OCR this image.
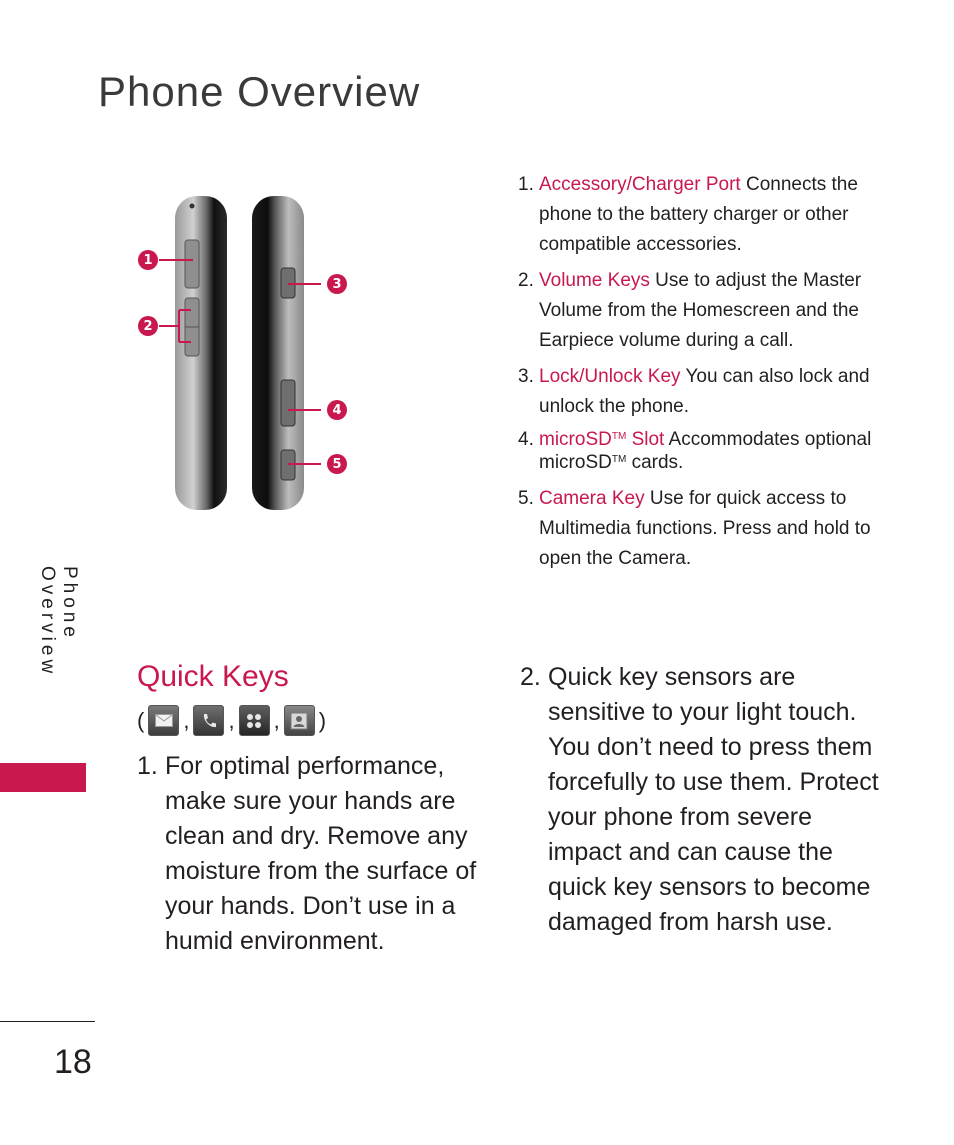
Phone Overview
1
2
3
4
5
1. Accessory/Charger Port Connects the phone to the battery charger or other compatible accessories.
2. Volume Keys Use to adjust the Master Volume from the Homescreen and the Earpiece volume during a call.
3. Lock/Unlock Key You can also lock and unlock the phone.
4. microSD™ Slot Accommodates optional microSD™ cards.
5. Camera Key Use for quick access to Multimedia functions. Press and hold to open the Camera.
Quick Keys
( , , , )
1. For optimal performance, make sure your hands are clean and dry. Remove any moisture from the surface of your hands. Don’t use in a humid environment.
2. Quick key sensors are sensitive to your light touch. You don’t need to press them forcefully to use them. Protect your phone from severe impact and can cause the quick key sensors to become damaged from harsh use.
Phone Overview
18
